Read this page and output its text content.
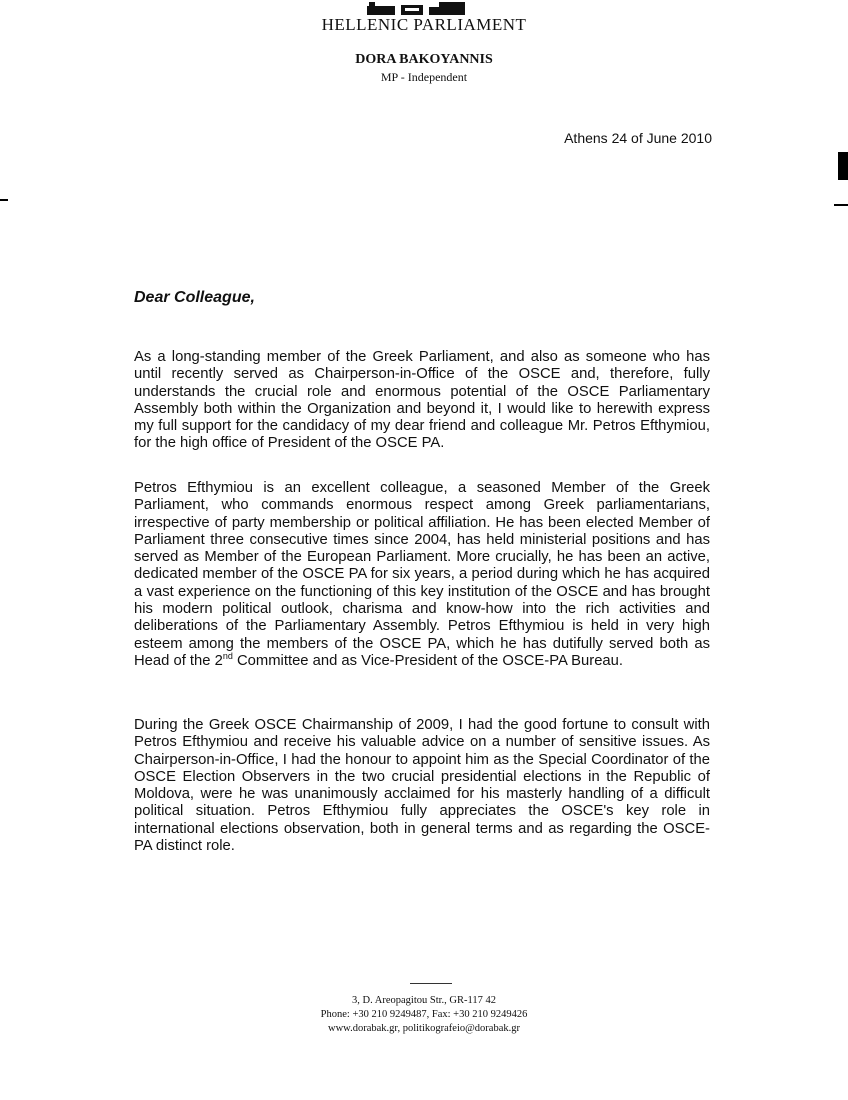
HELLENIC PARLIAMENT
DORA BAKOYANNIS
MP - Independent
Athens 24 of June 2010
Dear Colleague,
As a long-standing member of the Greek Parliament, and also as someone who has until recently served as Chairperson-in-Office of the OSCE and, therefore, fully understands the crucial role and enormous potential of the OSCE Parliamentary Assembly both within the Organization and beyond it, I would like to herewith express my full support for the candidacy of my dear friend and colleague Mr. Petros Efthymiou, for the high office of President of the OSCE PA.
Petros Efthymiou is an excellent colleague, a seasoned Member of the Greek Parliament, who commands enormous respect among Greek parliamentarians, irrespective of party membership or political affiliation. He has been elected Member of Parliament three consecutive times since 2004, has held ministerial positions and has served as Member of the European Parliament. More crucially, he has been an active, dedicated member of the OSCE PA for six years, a period during which he has acquired a vast experience on the functioning of this key institution of the OSCE and has brought his modern political outlook, charisma and know-how into the rich activities and deliberations of the Parliamentary Assembly. Petros Efthymiou is held in very high esteem among the members of the OSCE PA, which he has dutifully served both as Head of the 2nd Committee and as Vice-President of the OSCE-PA Bureau.
During the Greek OSCE Chairmanship of 2009, I had the good fortune to consult with Petros Efthymiou and receive his valuable advice on a number of sensitive issues. As Chairperson-in-Office, I had the honour to appoint him as the Special Coordinator of the OSCE Election Observers in the two crucial presidential elections in the Republic of Moldova, were he was unanimously acclaimed for his masterly handling of a difficult political situation. Petros Efthymiou fully appreciates the OSCE's key role in international elections observation, both in general terms and as regarding the OSCE-PA distinct role.
3, D. Areopagitou Str., GR-117 42
Phone: +30 210 9249487, Fax: +30 210 9249426
www.dorabak.gr, politikografeio@dorabak.gr
